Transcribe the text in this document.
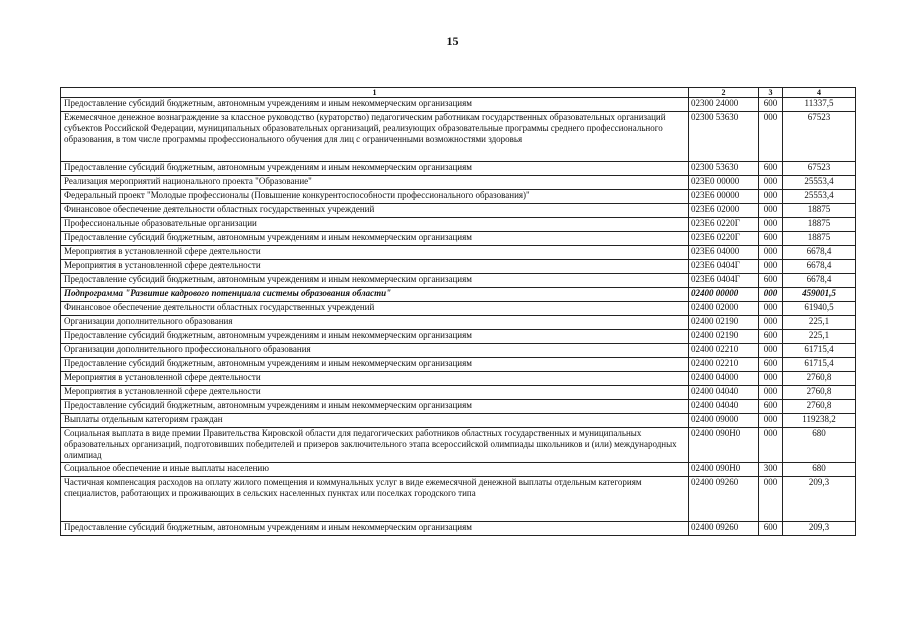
15
1	2	3	4
Предоставление субсидий бюджетным, автономным учреждениям и иным некоммерческим организациям	02300 24000	600	11337,5
Ежемесячное денежное вознаграждение за классное руководство (кураторство) педагогическим работникам государственных образовательных организаций субъектов Российской Федерации, муниципальных образовательных организаций, реализующих образовательные программы среднего профессионального образования, в том числе программы профессионального обучения для лиц с ограниченными возможностями здоровья	02300 53630	000	67523
Предоставление субсидий бюджетным, автономным учреждениям и иным некоммерческим организациям	02300 53630	600	67523
Реализация мероприятий национального проекта "Образование"	023E0 00000	000	25553,4
Федеральный проект "Молодые профессионалы (Повышение конкурентоспособности профессионального образования)"	023E6 00000	000	25553,4
Финансовое обеспечение деятельности областных государственных учреждений	023E6 02000	000	18875
Профессиональные образовательные организации	023E6 0220Г	000	18875
Предоставление субсидий бюджетным, автономным учреждениям и иным некоммерческим организациям	023E6 0220Г	600	18875
Мероприятия в установленной сфере деятельности	023E6 04000	000	6678,4
Мероприятия в установленной сфере деятельности	023E6 0404Г	000	6678,4
Предоставление субсидий бюджетным, автономным учреждениям и иным некоммерческим организациям	023E6 0404Г	600	6678,4
Подпрограмма "Развитие кадрового потенциала системы образования области"	02400 00000	000	459001,5
Финансовое обеспечение деятельности областных государственных учреждений	02400 02000	000	61940,5
Организации дополнительного образования	02400 02190	000	225,1
Предоставление субсидий бюджетным, автономным учреждениям и иным некоммерческим организациям	02400 02190	600	225,1
Организации дополнительного профессионального образования	02400 02210	000	61715,4
Предоставление субсидий бюджетным, автономным учреждениям и иным некоммерческим организациям	02400 02210	600	61715,4
Мероприятия в установленной сфере деятельности	02400 04000	000	2760,8
Мероприятия в установленной сфере деятельности	02400 04040	000	2760,8
Предоставление субсидий бюджетным, автономным учреждениям и иным некоммерческим организациям	02400 04040	600	2760,8
Выплаты отдельным категориям граждан	02400 09000	000	119238,2
Социальная выплата в виде премии Правительства Кировской области для педагогических работников областных государственных и муниципальных образовательных организаций, подготовивших победителей и призеров заключительного этапа всероссийской олимпиады школьников и (или) международных олимпиад	02400 090Н0	000	680
Социальное обеспечение и иные выплаты населению	02400 090Н0	300	680
Частичная компенсация расходов на оплату жилого помещения и коммунальных услуг в виде ежемесячной денежной выплаты отдельным категориям специалистов, работающих и проживающих в сельских населенных пунктах или поселках городского типа	02400 09260	000	209,3
Предоставление субсидий бюджетным, автономным учреждениям и иным некоммерческим организациям	02400 09260	600	209,3
